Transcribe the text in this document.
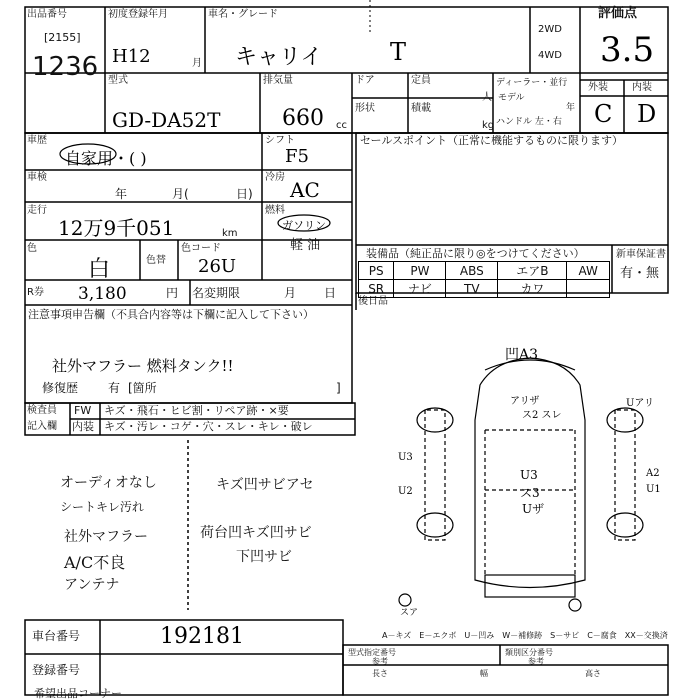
出品番号
[2155]
1236
初度登録年月
H12	月
車名・グレード
キャリイ	T
2WD
4WD
評価点
3.5
型式
GD-DA52T
排気量
660 cc
ドア	定員
人
形状	積載
kg
ディーラー・並行
モデル
年
ハンドル 左・右
外装 内装
C D
車歴
自家用・( )
シフト
F5
セールスポイント（正常に機能するものに限ります）
車検
年	月(	日)
冷房
AC
走行
12万9千051	km
燃料
ガソリン
軽 油
色
白	色替
色コード
26U
R券 3,180	円 名変期限	月 日
注意事項申告欄（不具合内容等は下欄に記入して下さい）
社外マフラー 燃料タンク!!
修復歴 有 [箇所	]
装備品（純正品に限り◎をつけてください）
PS	PW	ABS	エアB	AW
SR	ナビ	TV	カワ	
新車保証書
有・無
後日品
検査員
記入欄
FW キズ・飛石・ヒビ割・リペア跡・×要
内装 キズ・汚レ・コゲ・穴・スレ・キレ・破レ
オーディオなし
シートキレ汚れ
社外マフラー
A/C不良
アンテナ
キズ凹サビアセ
荷台凹キズ凹サビ
下凹サビ
凹A3
アリザ
ス2 スレ
Uアリ
U3
U2
U3
ス3
Uザ
A2
U1
スア
A－キズ　E－エクボ　U－凹み　W－補修跡　S－サビ　C－腐食　XX－交換済
車台番号	192181
登録番号
型式指定番号
参考
類別区分番号
参考
長さ	幅	高さ
希望出品コーナー
